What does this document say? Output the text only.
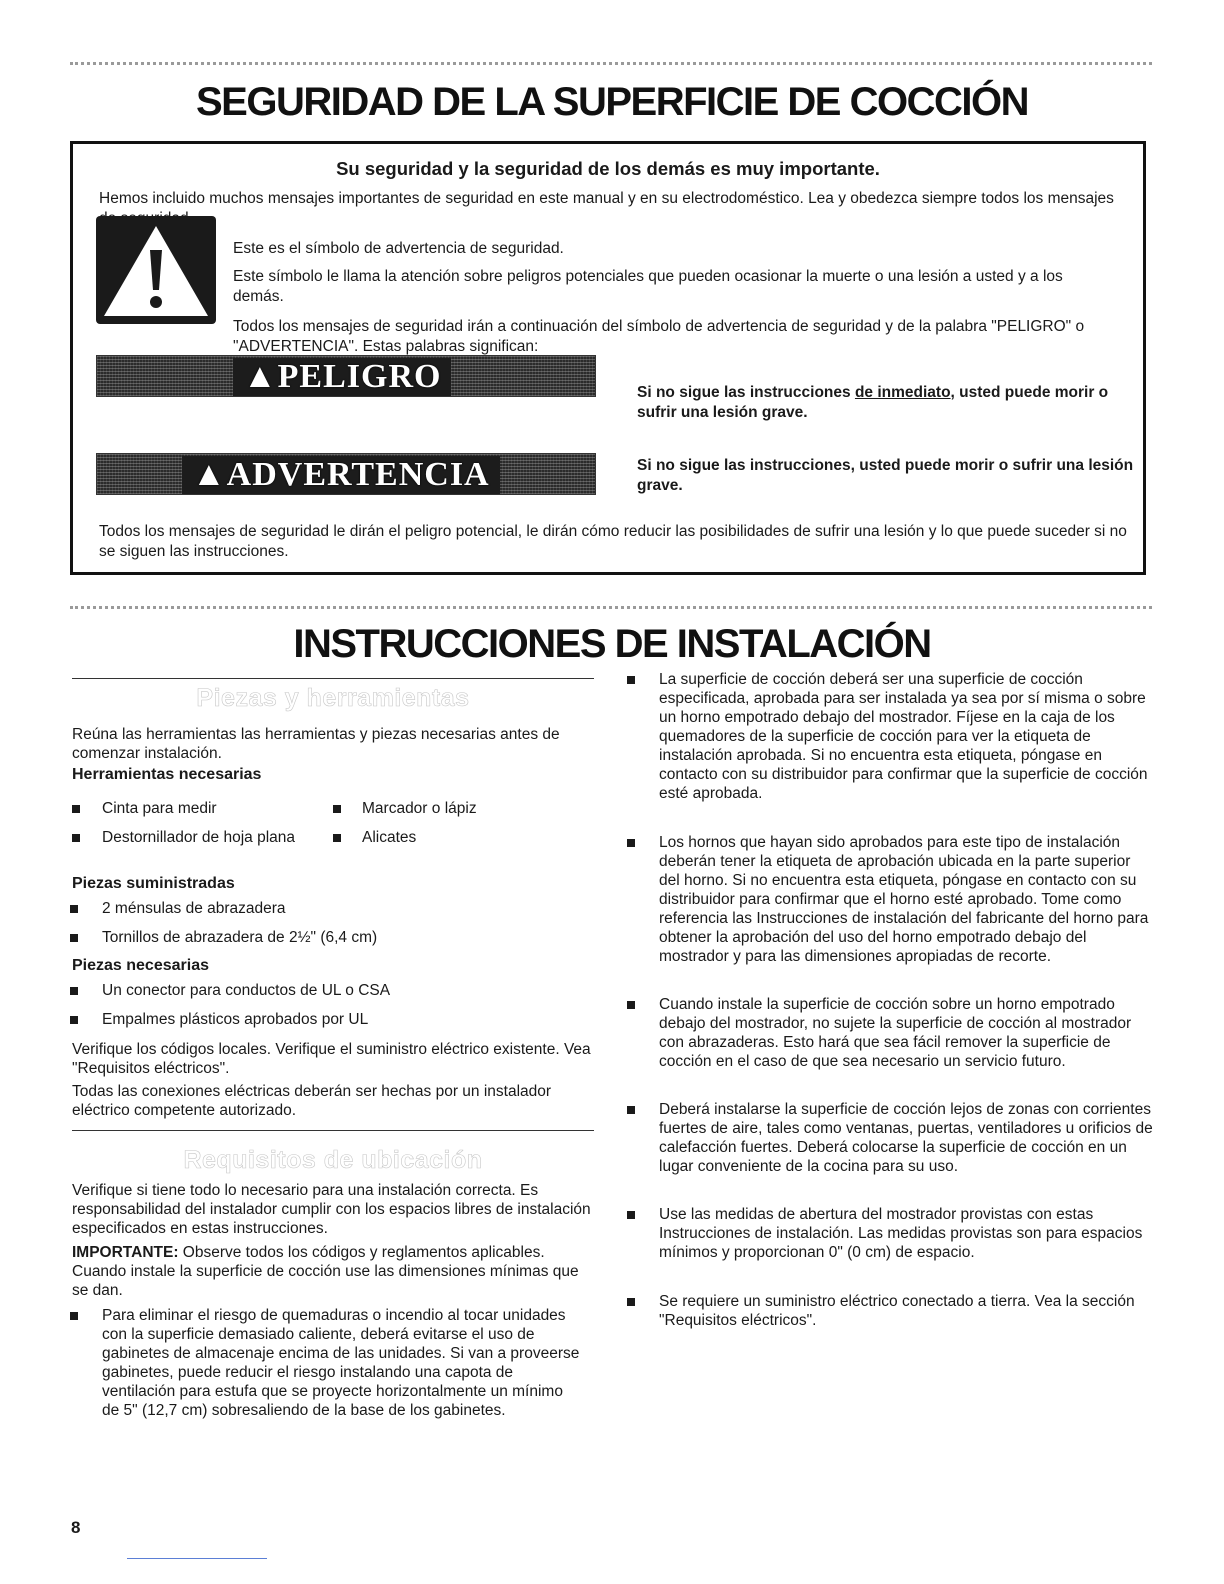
SEGURIDAD DE LA SUPERFICIE DE COCCIÓN

Su seguridad y la seguridad de los demás es muy importante.

Hemos incluido muchos mensajes importantes de seguridad en este manual y en su electrodoméstico. Lea y obedezca siempre todos los mensajes

Este es el símbolo de advertencia de seguridad.

Este símbolo le llama la atención sobre peligros potenciales que pueden ocasionar la muerte o una lesión a usted y a los demás.

Todos los mensajes de seguridad irán a continuación del símbolo de advertencia de seguridad y de la palabra "PELIGRO" o "ADVERTENCIA". Estas palabras significan:

▲PELIGRO	Si no sigue las instrucciones de inmediato, usted puede morir o sufrir una lesión grave.

▲ADVERTENCIA	Si no sigue las instrucciones, usted puede morir o sufrir una lesión grave.

Todos los mensajes de seguridad le dirán el peligro potencial, le dirán cómo reducir las posibilidades de sufrir una lesión y lo que puede suceder si no se siguen las instrucciones.

INSTRUCCIONES DE INSTALACIÓN
Piezas y herramientas

Reúna las herramientas las herramientas y piezas necesarias antes de comenzar instalación.

Herramientas necesarias

Cinta para medir	Marcador o lápiz

Destornillador de hoja plana	Alicates

Piezas suministradas

2 ménsulas de abrazadera

Tornillos de abrazadera de 2½" (6,4 cm)

Piezas necesarias

Un conector para conductos de UL o CSA

Empalmes plásticos aprobados por UL

Verifique los códigos locales. Verifique el suministro eléctrico existente. Vea "Requisitos eléctricos".

Todas las conexiones eléctricas deberán ser hechas por un instalador eléctrico competente autorizado.

Requisitos de ubicación

Verifique si tiene todo lo necesario para una instalación correcta. Es responsabilidad del instalador cumplir con los espacios libres de instalación especificados en estas instrucciones.

IMPORTANTE: Observe todos los códigos y reglamentos aplicables. Cuando instale la superficie de cocción use las dimensiones mínimas que se dan.

Para eliminar el riesgo de quemaduras o incendio al tocar unidades con la superficie demasiado caliente, deberá evitarse el uso de gabinetes de almacenaje encima de las unidades. Si van a proveerse gabinetes, puede reducir el riesgo instalando una capota de ventilación para estufa que se proyecte horizontalmente un mínimo de 5" (12,7 cm) sobresaliendo de la base de los gabinetes.

La superficie de cocción deberá ser una superficie de cocción especificada, aprobada para ser instalada ya sea por sí misma o sobre un horno empotrado debajo del mostrador. Fíjese en la caja de los quemadores de la superficie de cocción para ver la etiqueta de instalación aprobada. Si no encuentra esta etiqueta, póngase en contacto con su distribuidor para confirmar que la superficie de cocción esté aprobada.

Los hornos que hayan sido aprobados para este tipo de instalación deberán tener la etiqueta de aprobación ubicada en la parte superior del horno. Si no encuentra esta etiqueta, póngase en contacto con su distribuidor para confirmar que el horno esté aprobado. Tome como referencia las Instrucciones de instalación del fabricante del horno para obtener la aprobación del uso del horno empotrado debajo del mostrador y para las dimensiones apropiadas de recorte.

Cuando instale la superficie de cocción sobre un horno empotrado debajo del mostrador, no sujete la superficie de cocción al mostrador con abrazaderas. Esto hará que sea fácil remover la superficie de cocción en el caso de que sea necesario un servicio futuro.

Deberá instalarse la superficie de cocción lejos de zonas con corrientes fuertes de aire, tales como ventanas, puertas, ventiladores u orificios de calefacción fuertes. Deberá colocarse la superficie de cocción en un lugar conveniente de la cocina para su uso.

Use las medidas de abertura del mostrador provistas con estas Instrucciones de instalación. Las medidas provistas son para espacios mínimos y proporcionan 0" (0 cm) de espacio.

Se requiere un suministro eléctrico conectado a tierra. Vea la sección "Requisitos eléctricos".

8
